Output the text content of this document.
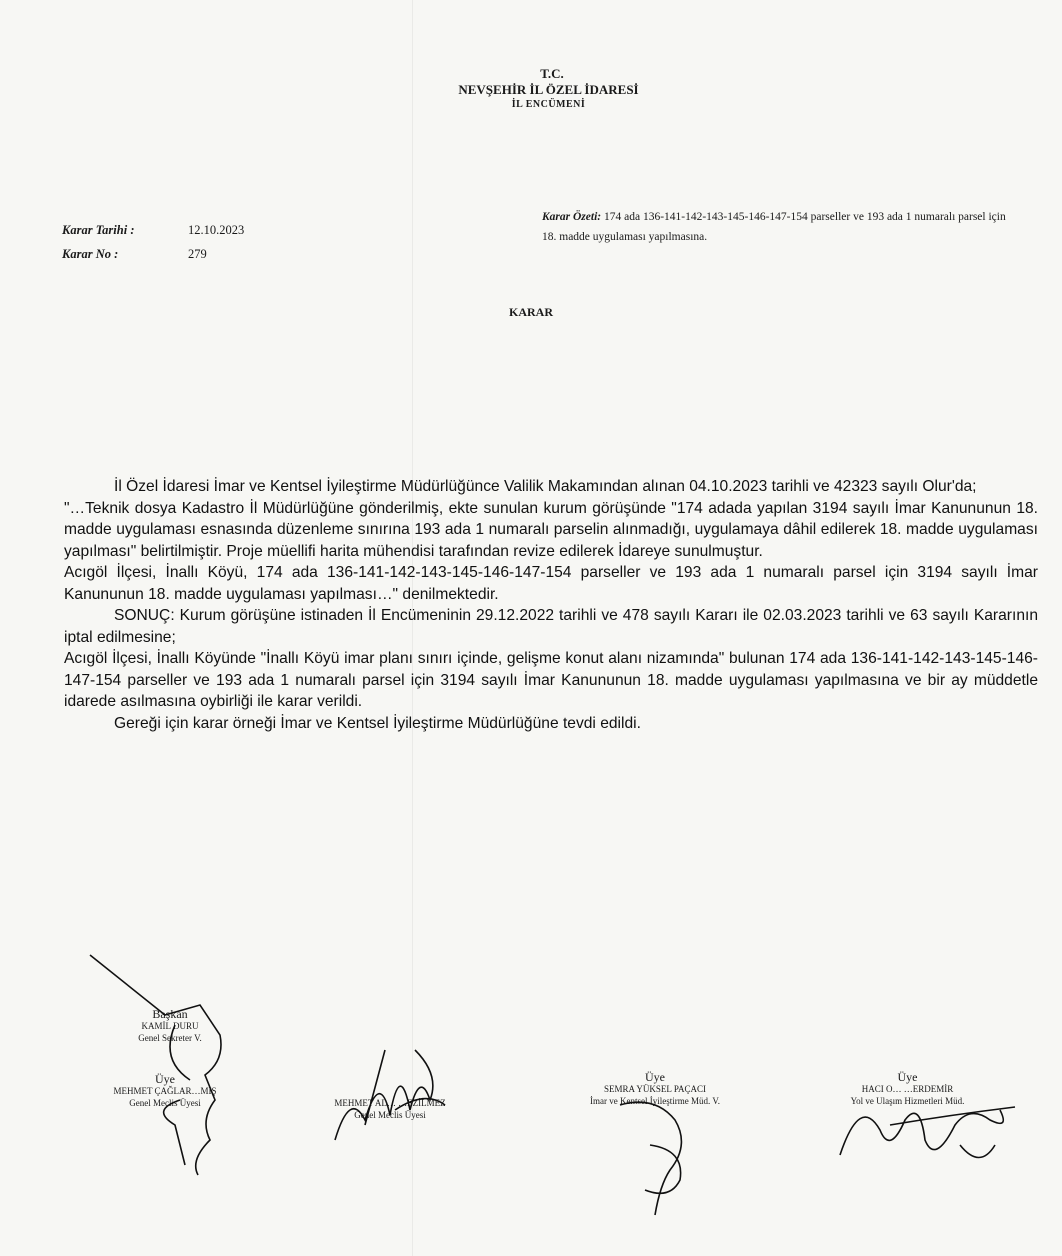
T.C.
NEVŞEHİR İL ÖZEL İDARESİ
İL ENCÜMENİ
Karar Tarihi :	12.10.2023
Karar No :	279
Karar Özeti: 174 ada 136-141-142-143-145-146-147-154 parseller ve 193 ada 1 numaralı parsel için 18. madde uygulaması yapılmasına.
KARAR

İl Özel İdaresi İmar ve Kentsel İyileştirme Müdürlüğünce Valilik Makamından alınan 04.10.2023 tarihli ve 42323 sayılı Olur'da;

"…Teknik dosya Kadastro İl Müdürlüğüne gönderilmiş, ekte sunulan kurum görüşünde "174 adada yapılan 3194 sayılı İmar Kanununun 18. madde uygulaması esnasında düzenleme sınırına 193 ada 1 numaralı parselin alınmadığı, uygulamaya dâhil edilerek 18. madde uygulaması yapılması" belirtilmiştir. Proje müellifi harita mühendisi tarafından revize edilerek İdareye sunulmuştur.

Acıgöl İlçesi, İnallı Köyü, 174 ada 136-141-142-143-145-146-147-154 parseller ve 193 ada 1 numaralı parsel için 3194 sayılı İmar Kanununun 18. madde uygulaması yapılması…" denilmektedir.

SONUÇ: Kurum görüşüne istinaden İl Encümeninin 29.12.2022 tarihli ve 478 sayılı Kararı ile 02.03.2023 tarihli ve 63 sayılı Kararının iptal edilmesine;

Acıgöl İlçesi, İnallı Köyünde "İnallı Köyü imar planı sınırı içinde, gelişme konut alanı nizamında" bulunan 174 ada 136-141-142-143-145-146-147-154 parseller ve 193 ada 1 numaralı parsel için 3194 sayılı İmar Kanununun 18. madde uygulaması yapılmasına ve bir ay müddetle idarede asılmasına oybirliği ile karar verildi.

Gereği için karar örneği İmar ve Kentsel İyileştirme Müdürlüğüne tevdi edildi.

Başkan
KAMİL DURU
Genel Sekreter V.
Üye
MEHMET ÇAĞLAR…MIŞ
Genel Meclis Üyesi	MEHMET AL… …EZİLMEZ
Genel Meclis Üyesi
Üye
SEMRA YÜKSEL PAÇACI
İmar ve Kentsel İyileştirme Müd. V.
Üye
HACI O… …ERDEMİR
Yol ve Ulaşım Hizmetleri Müd.
